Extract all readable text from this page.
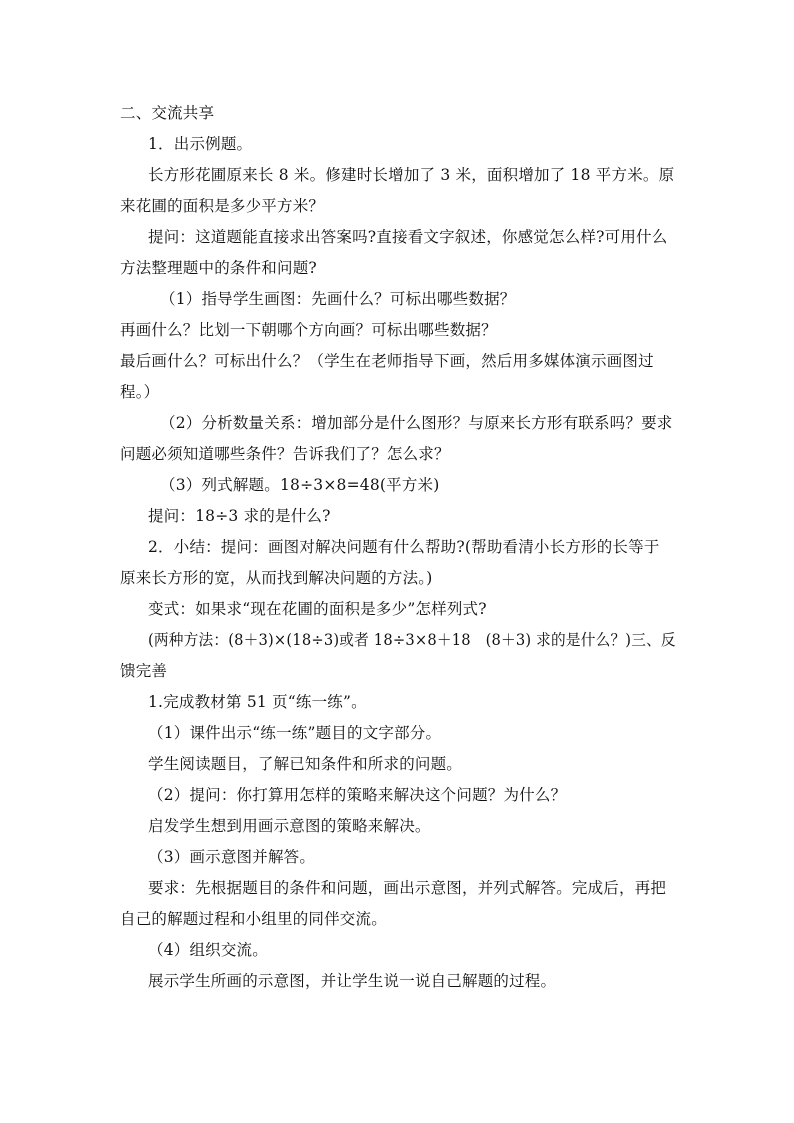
二、交流共享
1．出示例题。
长方形花圃原来长 8 米。修建时长增加了 3 米，面积增加了 18 平方米。原
来花圃的面积是多少平方米？
提问：这道题能直接求出答案吗?直接看文字叙述，你感觉怎么样?可用什么
方法整理题中的条件和问题?
（1）指导学生画图：先画什么？可标出哪些数据？
再画什么？比划一下朝哪个方向画？可标出哪些数据？
最后画什么？可标出什么？（学生在老师指导下画，然后用多媒体演示画图过
程。）
（2）分析数量关系：增加部分是什么图形？与原来长方形有联系吗？要求
问题必须知道哪些条件？告诉我们了？怎么求？
（3）列式解题。18÷3×8=48(平方米)
提问：18÷3 求的是什么?
2．小结：提问：画图对解决问题有什么帮助?(帮助看清小长方形的长等于
原来长方形的宽，从而找到解决问题的方法。)
变式：如果求“现在花圃的面积是多少”怎样列式?
(两种方法：(8＋3)×(18÷3)或者 18÷3×8＋18　(8＋3) 求的是什么？)三、反
馈完善
1.完成教材第 51 页“练一练”。
（1）课件出示“练一练”题目的文字部分。
学生阅读题目，了解已知条件和所求的问题。
（2）提问：你打算用怎样的策略来解决这个问题？为什么？
启发学生想到用画示意图的策略来解决。
（3）画示意图并解答。
要求：先根据题目的条件和问题，画出示意图，并列式解答。完成后，再把
自己的解题过程和小组里的同伴交流。
（4）组织交流。
展示学生所画的示意图，并让学生说一说自己解题的过程。
